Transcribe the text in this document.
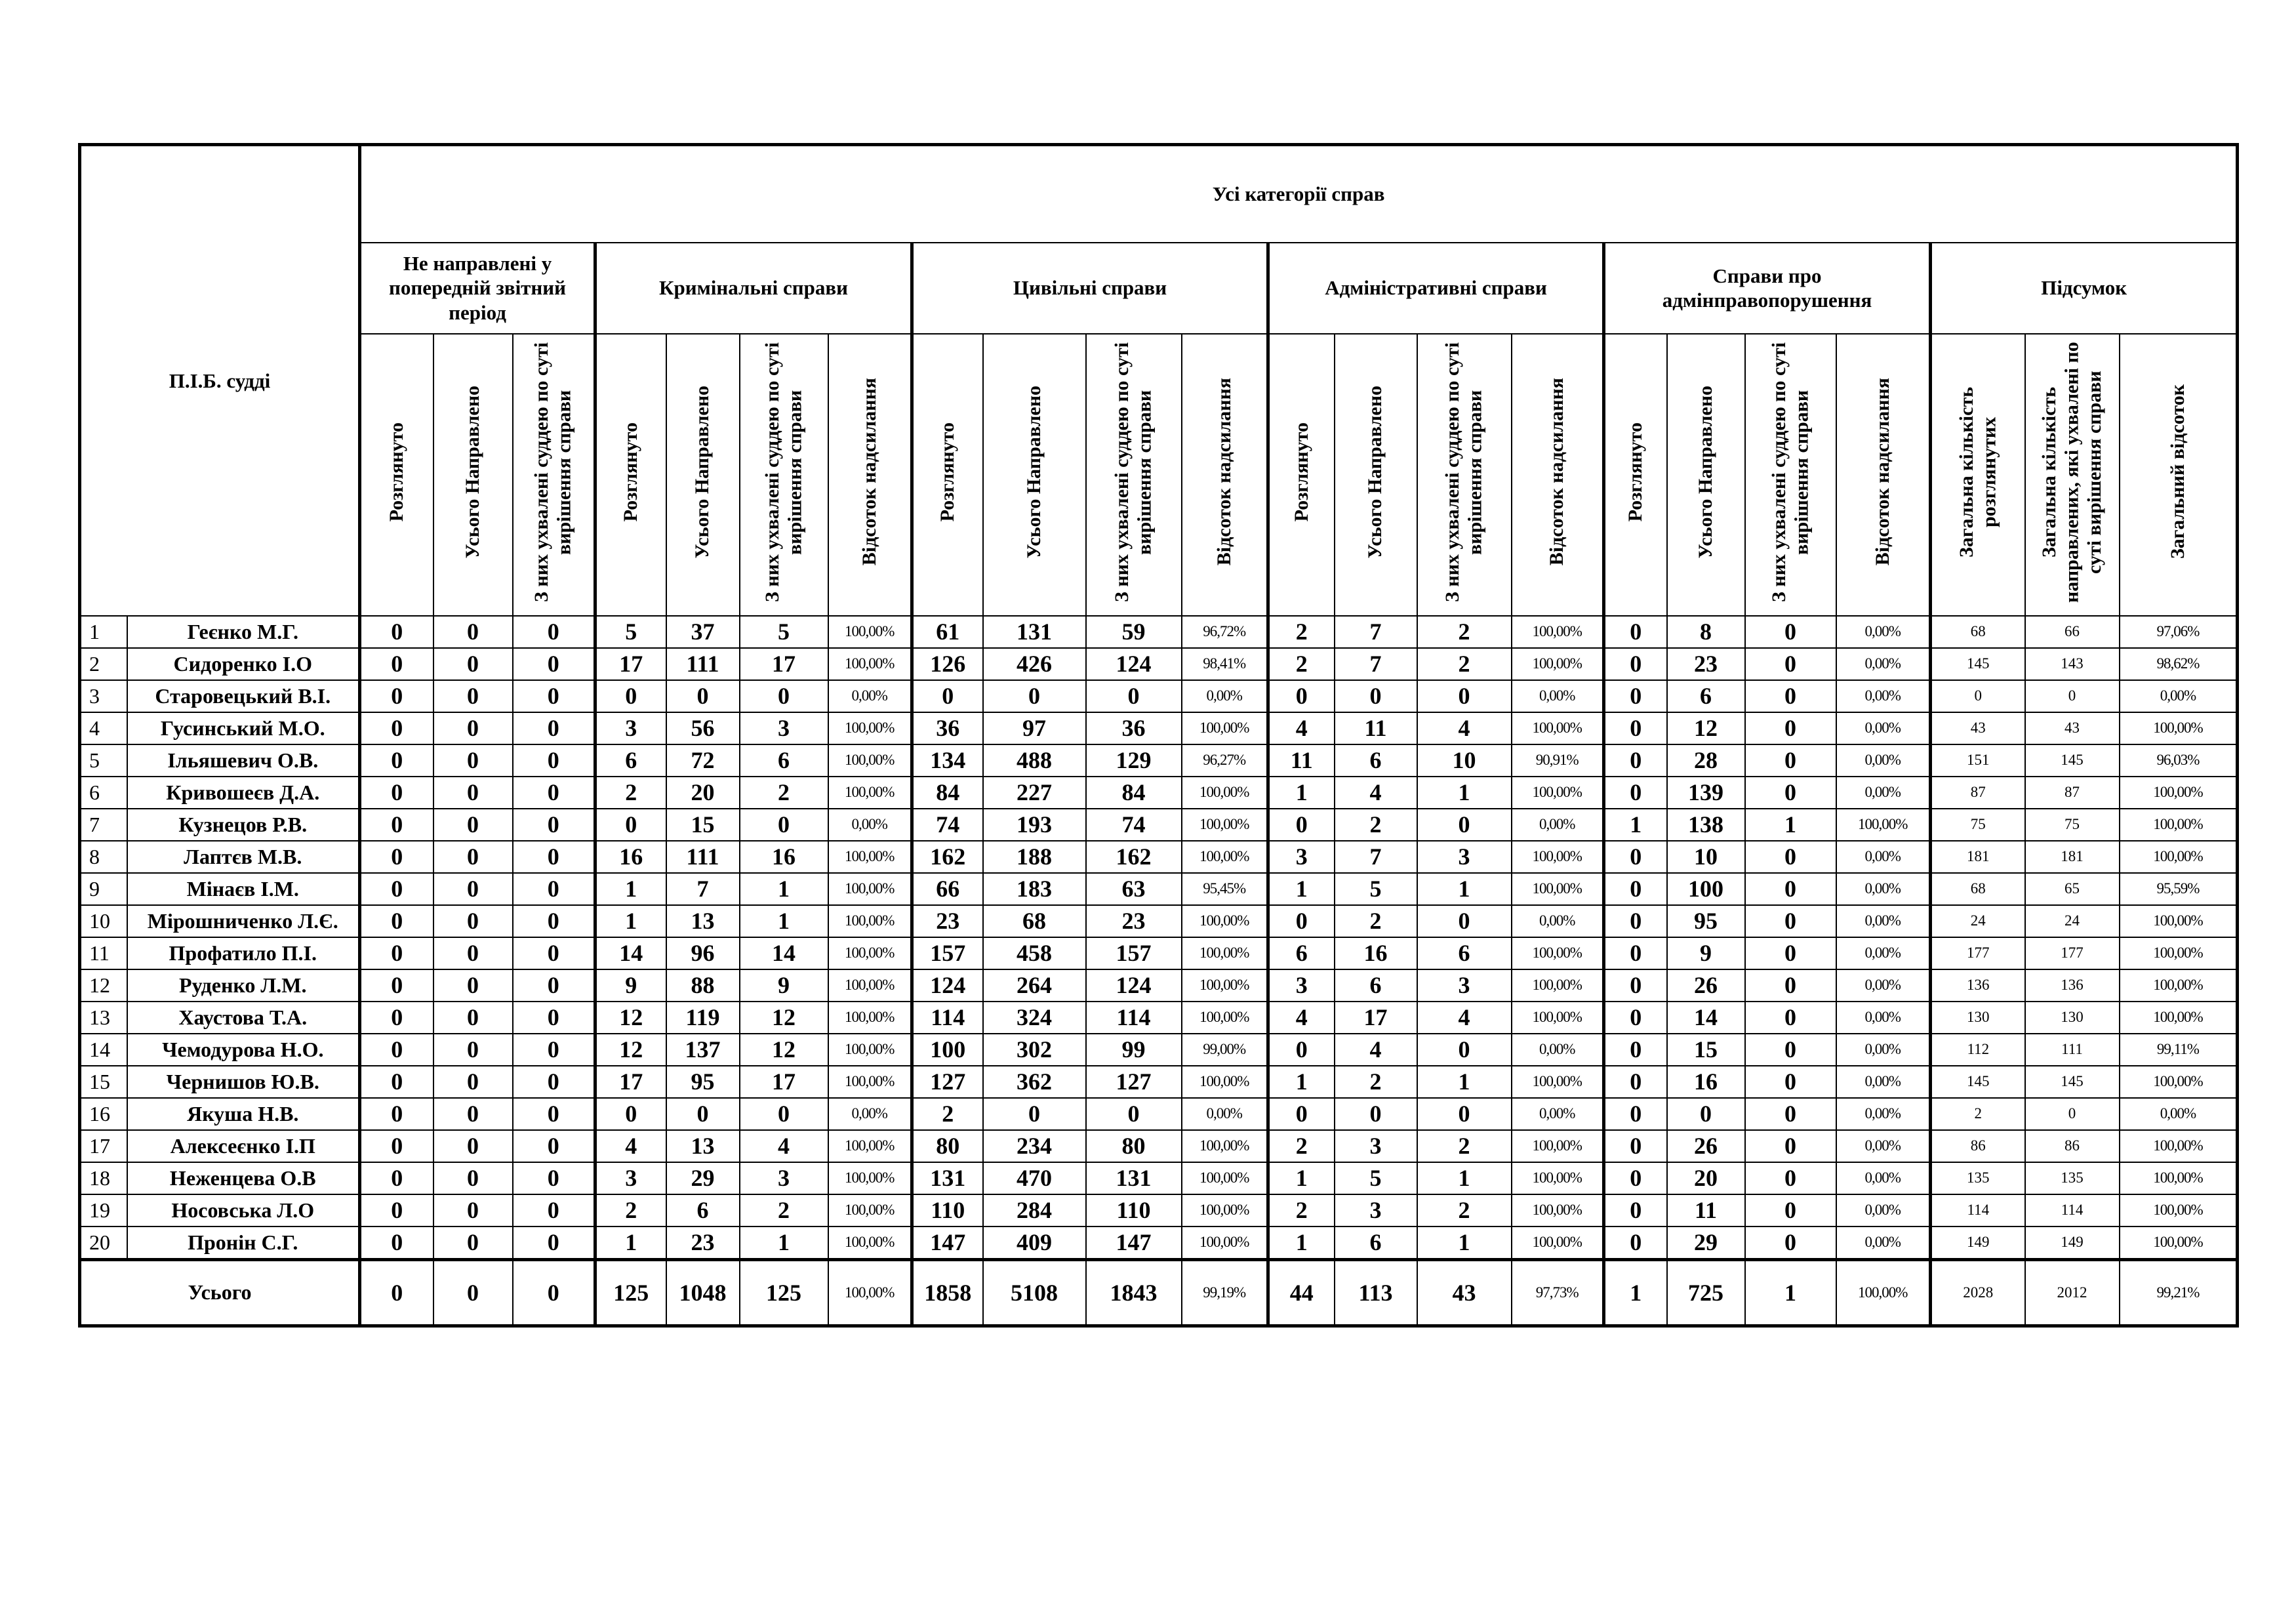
П.І.Б. судді		Усі категорії справ																					
		Не направлені у попередній звітний період			Кримінальні справи				Цивільні справи				Адміністративні справи				Справи про адмінправопорушення				Підсумок		
		Розглянуто	Усього Направлено	З них ухвалені суддею по суті вирішення справи	Розглянуто	Усього Направлено	З них ухвалені суддею по суті вирішення справи	Відсоток надсилання	Розглянуто	Усього Направлено	З них ухвалені суддею по суті вирішення справи	Відсоток надсилання	Розглянуто	Усього Направлено	З них ухвалені суддею по суті вирішення справи	Відсоток надсилання	Розглянуто	Усього Направлено	З них ухвалені суддею по суті вирішення справи	Відсоток надсилання	Загальна кількість розглянутих	Загальна кількість направлених, які ухвалені по суті вирішення справи	Загальний відсоток
1	Геєнко М.Г.	0	0	0	5	37	5	100,00%	61	131	59	96,72%	2	7	2	100,00%	0	8	0	0,00%	68	66	97,06%
2	Сидоренко І.О	0	0	0	17	111	17	100,00%	126	426	124	98,41%	2	7	2	100,00%	0	23	0	0,00%	145	143	98,62%
3	Старовецький В.І.	0	0	0	0	0	0	0,00%	0	0	0	0,00%	0	0	0	0,00%	0	6	0	0,00%	0	0	0,00%
4	Гусинський М.О.	0	0	0	3	56	3	100,00%	36	97	36	100,00%	4	11	4	100,00%	0	12	0	0,00%	43	43	100,00%
5	Ільяшевич О.В.	0	0	0	6	72	6	100,00%	134	488	129	96,27%	11	6	10	90,91%	0	28	0	0,00%	151	145	96,03%
6	Кривошеєв Д.А.	0	0	0	2	20	2	100,00%	84	227	84	100,00%	1	4	1	100,00%	0	139	0	0,00%	87	87	100,00%
7	Кузнецов Р.В.	0	0	0	0	15	0	0,00%	74	193	74	100,00%	0	2	0	0,00%	1	138	1	100,00%	75	75	100,00%
8	Лаптєв М.В.	0	0	0	16	111	16	100,00%	162	188	162	100,00%	3	7	3	100,00%	0	10	0	0,00%	181	181	100,00%
9	Мінаєв І.М.	0	0	0	1	7	1	100,00%	66	183	63	95,45%	1	5	1	100,00%	0	100	0	0,00%	68	65	95,59%
10	Мірошниченко Л.Є.	0	0	0	1	13	1	100,00%	23	68	23	100,00%	0	2	0	0,00%	0	95	0	0,00%	24	24	100,00%
11	Профатило П.І.	0	0	0	14	96	14	100,00%	157	458	157	100,00%	6	16	6	100,00%	0	9	0	0,00%	177	177	100,00%
12	Руденко Л.М.	0	0	0	9	88	9	100,00%	124	264	124	100,00%	3	6	3	100,00%	0	26	0	0,00%	136	136	100,00%
13	Хаустова Т.А.	0	0	0	12	119	12	100,00%	114	324	114	100,00%	4	17	4	100,00%	0	14	0	0,00%	130	130	100,00%
14	Чемодурова Н.О.	0	0	0	12	137	12	100,00%	100	302	99	99,00%	0	4	0	0,00%	0	15	0	0,00%	112	111	99,11%
15	Чернишов Ю.В.	0	0	0	17	95	17	100,00%	127	362	127	100,00%	1	2	1	100,00%	0	16	0	0,00%	145	145	100,00%
16	Якуша Н.В.	0	0	0	0	0	0	0,00%	2	0	0	0,00%	0	0	0	0,00%	0	0	0	0,00%	2	0	0,00%
17	Алексеєнко І.П	0	0	0	4	13	4	100,00%	80	234	80	100,00%	2	3	2	100,00%	0	26	0	0,00%	86	86	100,00%
18	Неженцева О.В	0	0	0	3	29	3	100,00%	131	470	131	100,00%	1	5	1	100,00%	0	20	0	0,00%	135	135	100,00%
19	Носовська Л.О	0	0	0	2	6	2	100,00%	110	284	110	100,00%	2	3	2	100,00%	0	11	0	0,00%	114	114	100,00%
20	Пронін С.Г.	0	0	0	1	23	1	100,00%	147	409	147	100,00%	1	6	1	100,00%	0	29	0	0,00%	149	149	100,00%
Усього		0	0	0	125	1048	125	100,00%	1858	5108	1843	99,19%	44	113	43	97,73%	1	725	1	100,00%	2028	2012	99,21%
